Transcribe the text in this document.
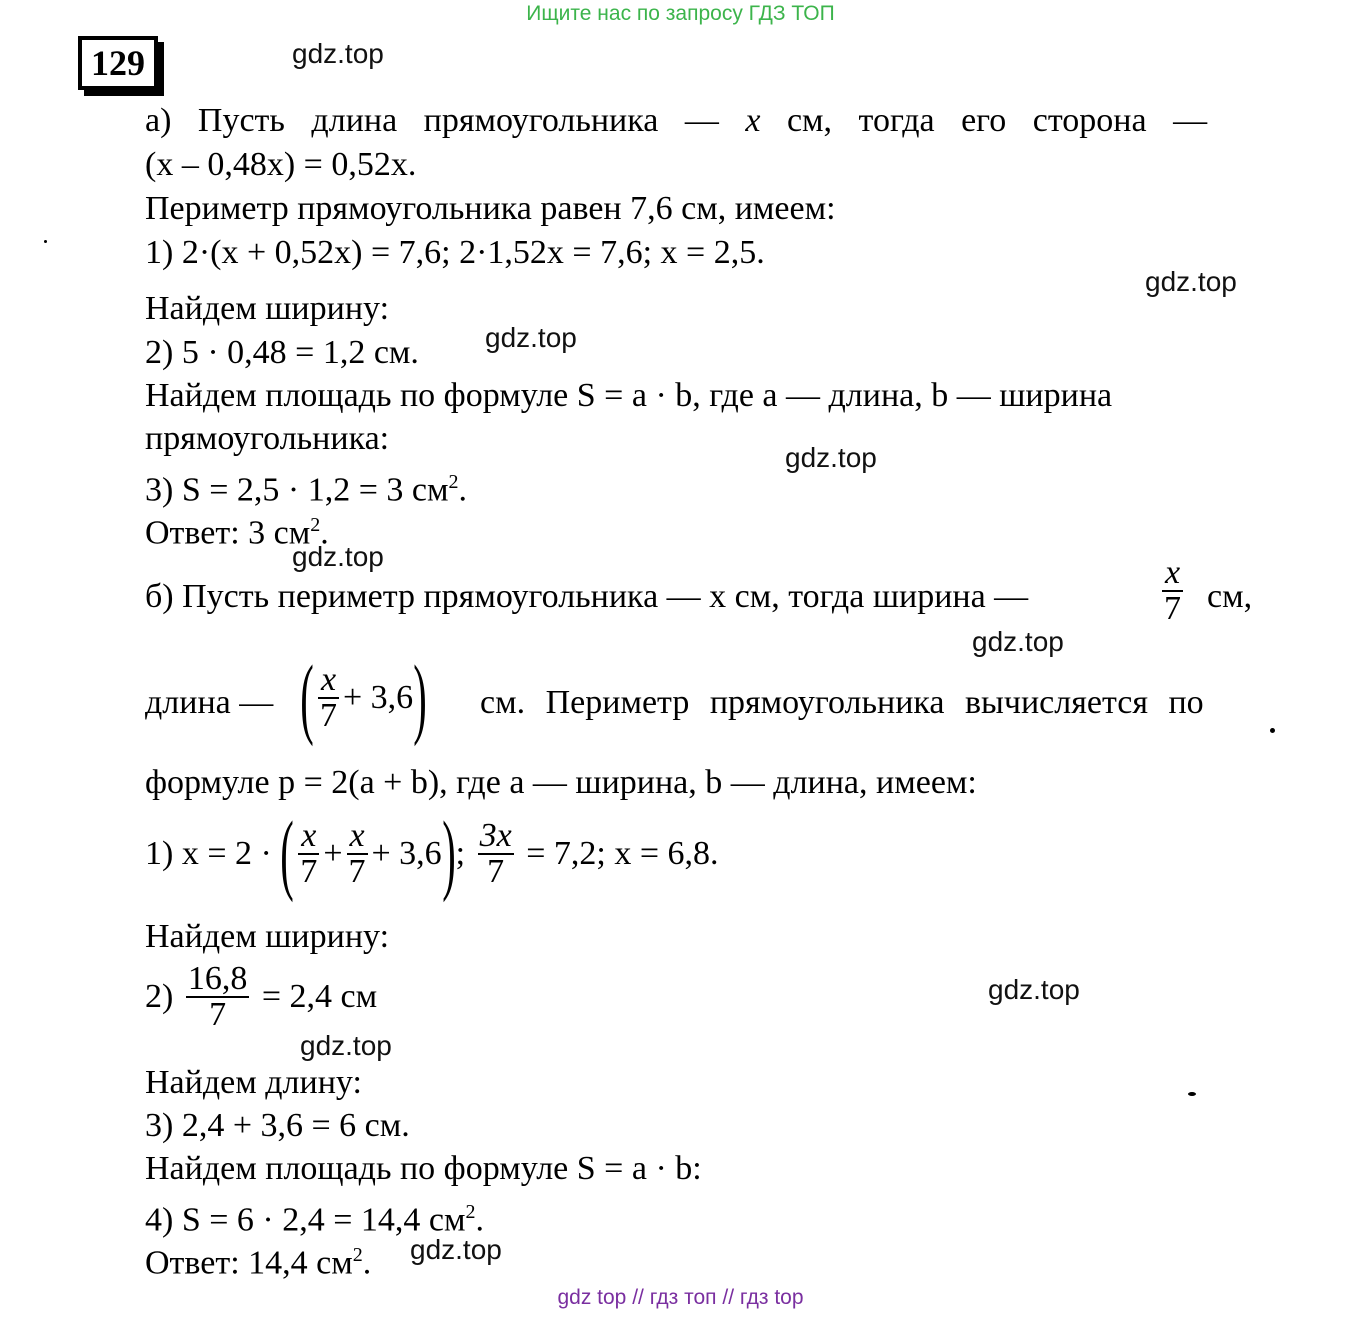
Ищите нас по запросу ГДЗ ТОП
129	gdz.top
gdz.top
gdz.top
gdz.top
gdz.top
gdz.top
gdz.top
gdz.top
gdz.top
а) Пусть длина прямоугольника — x см, тогда его сторона —
(x – 0,48x) = 0,52x.
Периметр прямоугольника равен 7,6 см, имеем:
1) 2·(x + 0,52x) = 7,6; 2·1,52x = 7,6; x = 2,5.
Найдем ширину:
2) 5 · 0,48 = 1,2 см.
Найдем площадь по формуле S = a · b, где a — длина, b — ширина
прямоугольника:
3) S = 2,5 · 1,2 = 3 $см^2$.
Ответ: 3 $см^2$.
б) Пусть периметр прямоугольника — x см, тогда ширина —	$\frac{x}{7}$ см,
длина — ( $\frac{x}{7} + 3,6$) см. Периметр прямоугольника вычисляется по
формуле p = 2(a + b), где a — ширина, b — длина, имеем:
1) x = 2 · ( $\frac{x}{7} + \frac{x}{7} + 3,6$); $\frac{3x}{7} = 7,2$; x = 6,8.
Найдем ширину:
$2) \frac{16,8}{7} = 2,4$ см
Найдем длину:
3) 2,4 + 3,6 = 6 см.
Найдем площадь по формуле S = a · b:
4) S = 6 · 2,4 = 14,4 $см^2$.
Ответ: 14,4 $см^2$.
gdz top // гдз топ // гдз top
